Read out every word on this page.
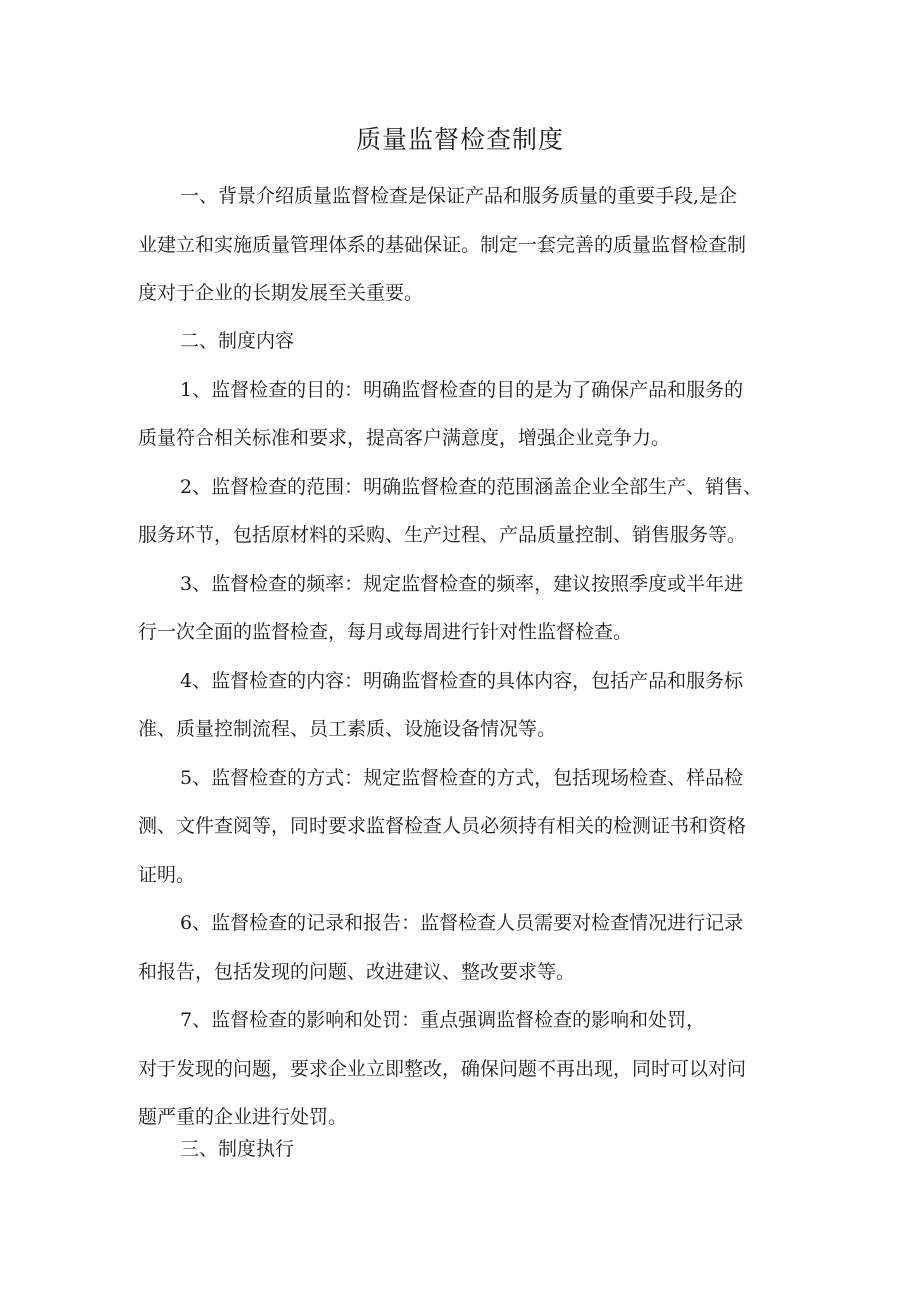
质量监督检查制度
一、背景介绍质量监督检查是保证产品和服务质量的重要手段,是企
业建立和实施质量管理体系的基础保证。制定一套完善的质量监督检查制
度对于企业的长期发展至关重要。
二、制度内容
1、监督检查的目的：明确监督检查的目的是为了确保产品和服务的
质量符合相关标准和要求，提高客户满意度，增强企业竞争力。
2、监督检查的范围：明确监督检查的范围涵盖企业全部生产、销售、
服务环节，包括原材料的采购、生产过程、产品质量控制、销售服务等。
3、监督检查的频率：规定监督检查的频率，建议按照季度或半年进
行一次全面的监督检查，每月或每周进行针对性监督检查。
4、监督检查的内容：明确监督检查的具体内容，包括产品和服务标
准、质量控制流程、员工素质、设施设备情况等。
5、监督检查的方式：规定监督检查的方式，包括现场检查、样品检
测、文件查阅等，同时要求监督检查人员必须持有相关的检测证书和资格
证明。
6、监督检查的记录和报告：监督检查人员需要对检查情况进行记录
和报告，包括发现的问题、改进建议、整改要求等。
7、监督检查的影响和处罚：重点强调监督检查的影响和处罚，
对于发现的问题，要求企业立即整改，确保问题不再出现，同时可以对问
题严重的企业进行处罚。
三、制度执行
